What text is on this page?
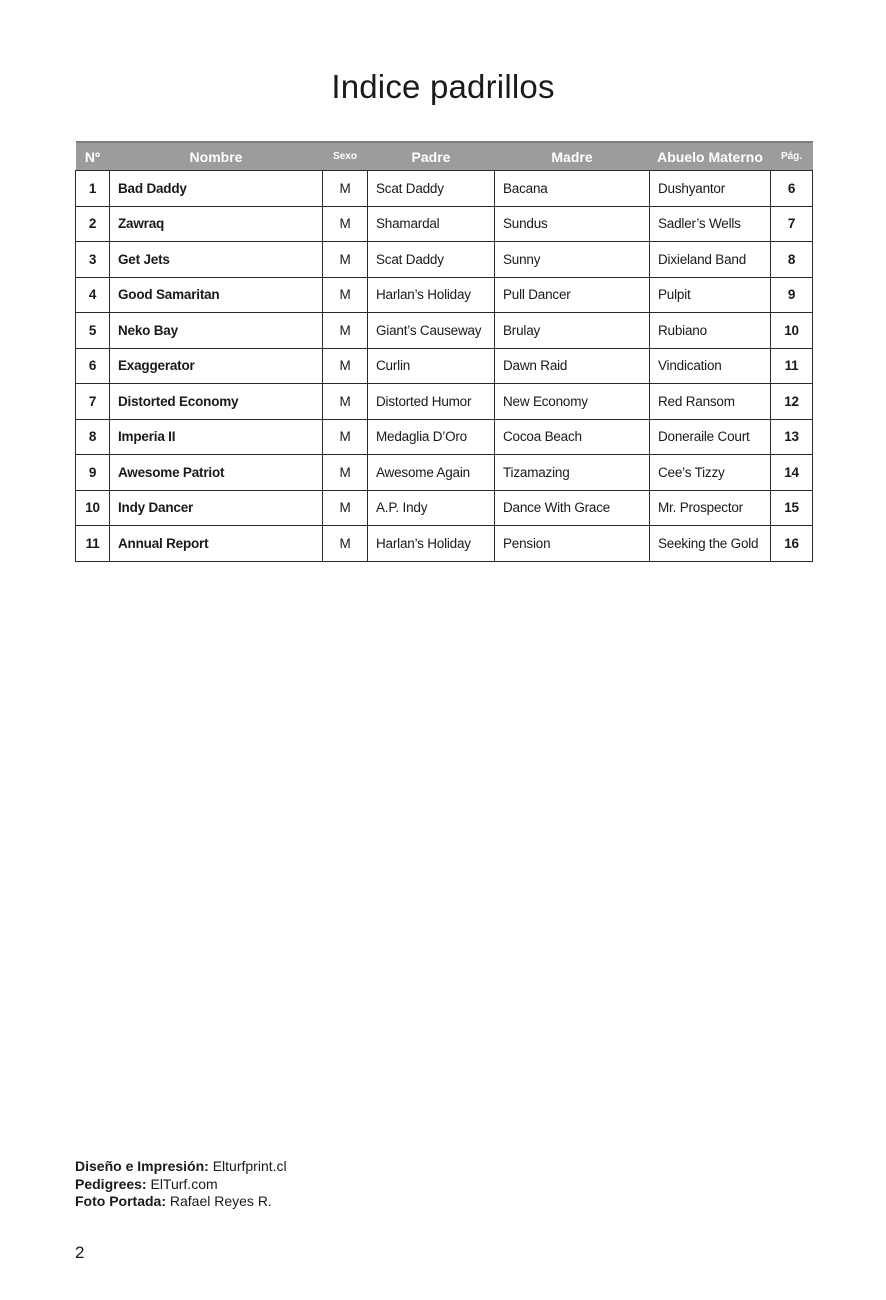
Indice padrillos
Nº	Nombre	Sexo	Padre	Madre	Abuelo Materno	Pág.
1	Bad Daddy	M	Scat Daddy	Bacana	Dushyantor	6
2	Zawraq	M	Shamardal	Sundus	Sadler’s Wells	7
3	Get Jets	M	Scat Daddy	Sunny	Dixieland Band	8
4	Good Samaritan	M	Harlan’s Holiday	Pull Dancer	Pulpit	9
5	Neko Bay	M	Giant’s Causeway	Brulay	Rubiano	10
6	Exaggerator	M	Curlin	Dawn Raid	Vindication	11
7	Distorted Economy	M	Distorted Humor	New Economy	Red Ransom	12
8	Imperia II	M	Medaglia D’Oro	Cocoa Beach	Doneraile Court	13
9	Awesome Patriot	M	Awesome Again	Tizamazing	Cee’s Tizzy	14
10	Indy Dancer	M	A.P. Indy	Dance With Grace	Mr. Prospector	15
11	Annual Report	M	Harlan’s Holiday	Pension	Seeking the Gold	16
Diseño e Impresión: Elturfprint.cl
Pedigrees: ElTurf.com
Foto Portada: Rafael Reyes R.
2
